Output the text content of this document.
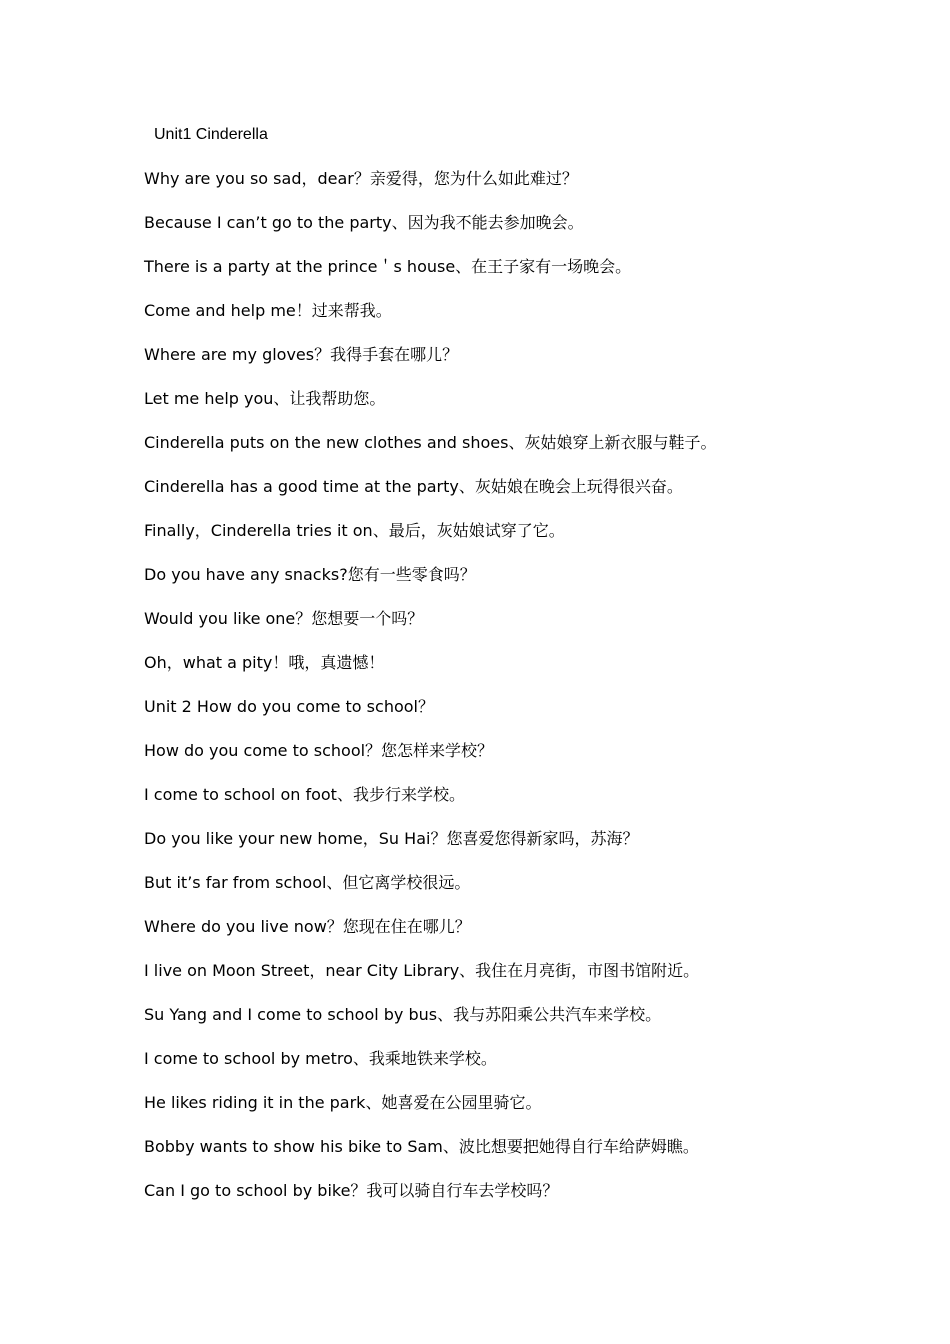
Unit1 Cinderella
Why are you so sad，dear？亲爱得，您为什么如此难过？
Because I can’t go to the party、因为我不能去参加晚会。
There is a party at the prince＇s house、在王子家有一场晚会。
Come and help me！过来帮我。
Where are my gloves？我得手套在哪儿？
Let me help you、让我帮助您。
Cinderella puts on the new clothes and shoes、灰姑娘穿上新衣服与鞋子。
Cinderella has a good time at the party、灰姑娘在晚会上玩得很兴奋。
Finally，Cinderella tries it on、最后，灰姑娘试穿了它。
Do you have any snacks?您有一些零食吗？
Would you like one？您想要一个吗？
Oh，what a pity！哦，真遗憾！
Unit 2 How do you come to school？
How do you come to school？您怎样来学校？
I come to school on foot、我步行来学校。
Do you like your new home，Su Hai？您喜爱您得新家吗，苏海？
But it’s far from school、但它离学校很远。
Where do you live now？您现在住在哪儿？
I live on Moon Street，near City Library、我住在月亮街，市图书馆附近。
Su Yang and I come to school by bus、我与苏阳乘公共汽车来学校。
I come to school by metro、我乘地铁来学校。
He likes riding it in the park、她喜爱在公园里骑它。
Bobby wants to show his bike to Sam、波比想要把她得自行车给萨姆瞧。
Can I go to school by bike？我可以骑自行车去学校吗？
